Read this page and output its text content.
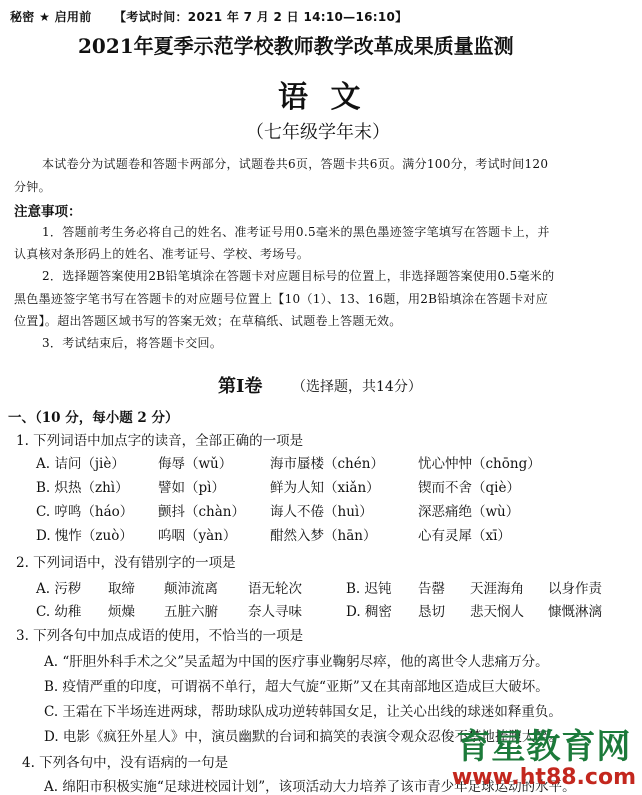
秘密 ★ 启用前 【考试时间：2021 年 7 月 2 日 14:10—16:10】
2021年夏季示范学校教师教学改革成果质量监测
语 文
（七年级学年末）
本试卷分为试题卷和答题卡两部分，试题卷共6页，答题卡共6页。满分100分，考试时间120
分钟。
注意事项：
1．答题前考生务必将自己的姓名、准考证号用0.5毫米的黑色墨迹签字笔填写在答题卡上，并
认真核对条形码上的姓名、准考证号、学校、考场号。
2．选择题答案使用2B铅笔填涂在答题卡对应题目标号的位置上，非选择题答案使用0.5毫米的
黑色墨迹签字笔书写在答题卡的对应题号位置上【10（1）、13、16题，用2B铅填涂在答题卡对应
位置】。超出答题区域书写的答案无效；在草稿纸、试题卷上答题无效。
3．考试结束后，将答题卡交回。
第Ⅰ卷 （选择题，共14分）
一、（10 分，每小题 2 分）
1. 下列词语中加点字的读音，全部正确的一项是
A. 诘问（jiè） 侮辱（wǔ）	海市蜃楼（chén）	忧心忡忡（chōng）
B. 炽热（zhì） 譬如（pì）	鲜为人知（xiǎn）	锲而不舍（qiè）
C. 哼鸣（háo） 颤抖（chàn） 诲人不倦（huì）	深恶痛绝（wù）
D. 愧怍（zuò） 呜咽（yàn） 酣然入梦（hān）	心有灵犀（xī）
2. 下列词语中，没有错别字的一项是
A. 污秽 取缔 颠沛流离 语无轮次	B. 迟钝 告罄 天涯海角 以身作责
C. 幼稚 烦燥 五脏六腑 奈人寻味	D. 稠密 恳切 悲天悯人 慷慨淋漓
3. 下列各句中加点成语的使用，不恰当的一项是
A. “肝胆外科手术之父”吴孟超为中国的医疗事业鞠躬尽瘁，他的离世令人悲痛万分。
B. 疫情严重的印度，可谓祸不单行，超大气旋“亚斯”又在其南部地区造成巨大破坏。
C. 王霜在下半场连进两球，帮助球队成功逆转韩国女足，让关心出线的球迷如释重负。
D. 电影《疯狂外星人》中，演员幽默的台词和搞笑的表演令观众忍俊不禁地捧腹大笑。
4. 下列各句中，没有语病的一句是
A. 绵阳市积极实施“足球进校园计划”，该项活动大力培养了该市青少年足球运动的水平。
育星教育网
www.ht88.com
